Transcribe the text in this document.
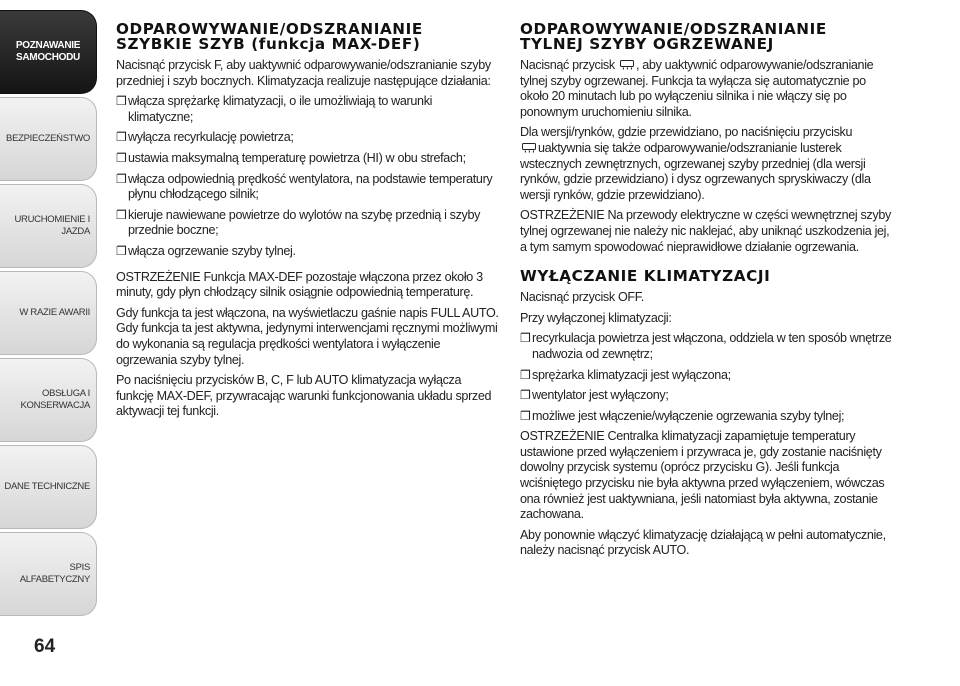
POZNAWANIE
SAMOCHODU
BEZPIECZEŃSTWO
URUCHOMIENIE I
JAZDA
W RAZIE AWARII
OBSŁUGA I
KONSERWACJA
DANE TECHNICZNE
SPIS ALFABETYCZNY
64
ODPAROWYWANIE/ODSZRANIANIE
SZYBKIE SZYB (funkcja MAX-DEF)

Nacisnąć przycisk F, aby uaktywnić odparowywanie/odszranianie szyby przedniej i szyb bocznych. Klimatyzacja realizuje następujące działania:

❒ włącza sprężarkę klimatyzacji, o ile umożliwiają to warunki klimatyczne;
❒ wyłącza recyrkulację powietrza;
❒ ustawia maksymalną temperaturę powietrza (HI) w obu strefach;
❒ włącza odpowiednią prędkość wentylatora, na podstawie temperatury płynu chłodzącego silnik;
❒ kieruje nawiewane powietrze do wylotów na szybę przednią i szyby przednie boczne;
❒ włącza ogrzewanie szyby tylnej.

OSTRZEŻENIE Funkcja MAX-DEF pozostaje włączona przez około 3 minuty, gdy płyn chłodzący silnik osiągnie odpowiednią temperaturę.

Gdy funkcja ta jest włączona, na wyświetlaczu gaśnie napis FULL AUTO. Gdy funkcja ta jest aktywna, jedynymi interwencjami ręcznymi możliwymi do wykonania są regulacja prędkości wentylatora i wyłączenie ogrzewania szyby tylnej.

Po naciśnięciu przycisków B, C, F lub AUTO klimatyzacja wyłącza funkcję MAX-DEF, przywracając warunki funkcjonowania układu sprzed aktywacji tej funkcji.

ODPAROWYWANIE/ODSZRANIANIE
TYLNEJ SZYBY OGRZEWANEJ

Nacisnąć przycisk , aby uaktywnić odparowywanie/odszranianie tylnej szyby ogrzewanej. Funkcja ta wyłącza się automatycznie po około 20 minutach lub po wyłączeniu silnika i nie włączy się po ponownym uruchomieniu silnika.

Dla wersji/rynków, gdzie przewidziano, po naciśnięciu przycisku
uaktywnia się także odparowywanie/odszranianie lusterek wstecznych zewnętrznych, ogrzewanej szyby przedniej (dla wersji rynków, gdzie przewidziano) i dysz ogrzewanych spryskiwaczy (dla wersji rynków, gdzie przewidziano).

OSTRZEŻENIE Na przewody elektryczne w części wewnętrznej szyby tylnej ogrzewanej nie należy nic naklejać, aby uniknąć uszkodzenia jej, a tym samym spowodować nieprawidłowe działanie ogrzewania.

WYŁĄCZANIE KLIMATYZACJI

Nacisnąć przycisk OFF.

Przy wyłączonej klimatyzacji:

❒ recyrkulacja powietrza jest włączona, oddziela w ten sposób wnętrze nadwozia od zewnętrz;
❒ sprężarka klimatyzacji jest wyłączona;
❒ wentylator jest wyłączony;
❒ możliwe jest włączenie/wyłączenie ogrzewania szyby tylnej;

OSTRZEŻENIE Centralka klimatyzacji zapamiętuje temperatury ustawione przed wyłączeniem i przywraca je, gdy zostanie naciśnięty dowolny przycisk systemu (oprócz przycisku G). Jeśli funkcja wciśniętego przycisku nie była aktywna przed wyłączeniem, wówczas ona również jest uaktywniana, jeśli natomiast była aktywna, zostanie zachowana.

Aby ponownie włączyć klimatyzację działającą w pełni automatycznie, należy nacisnąć przycisk AUTO.
